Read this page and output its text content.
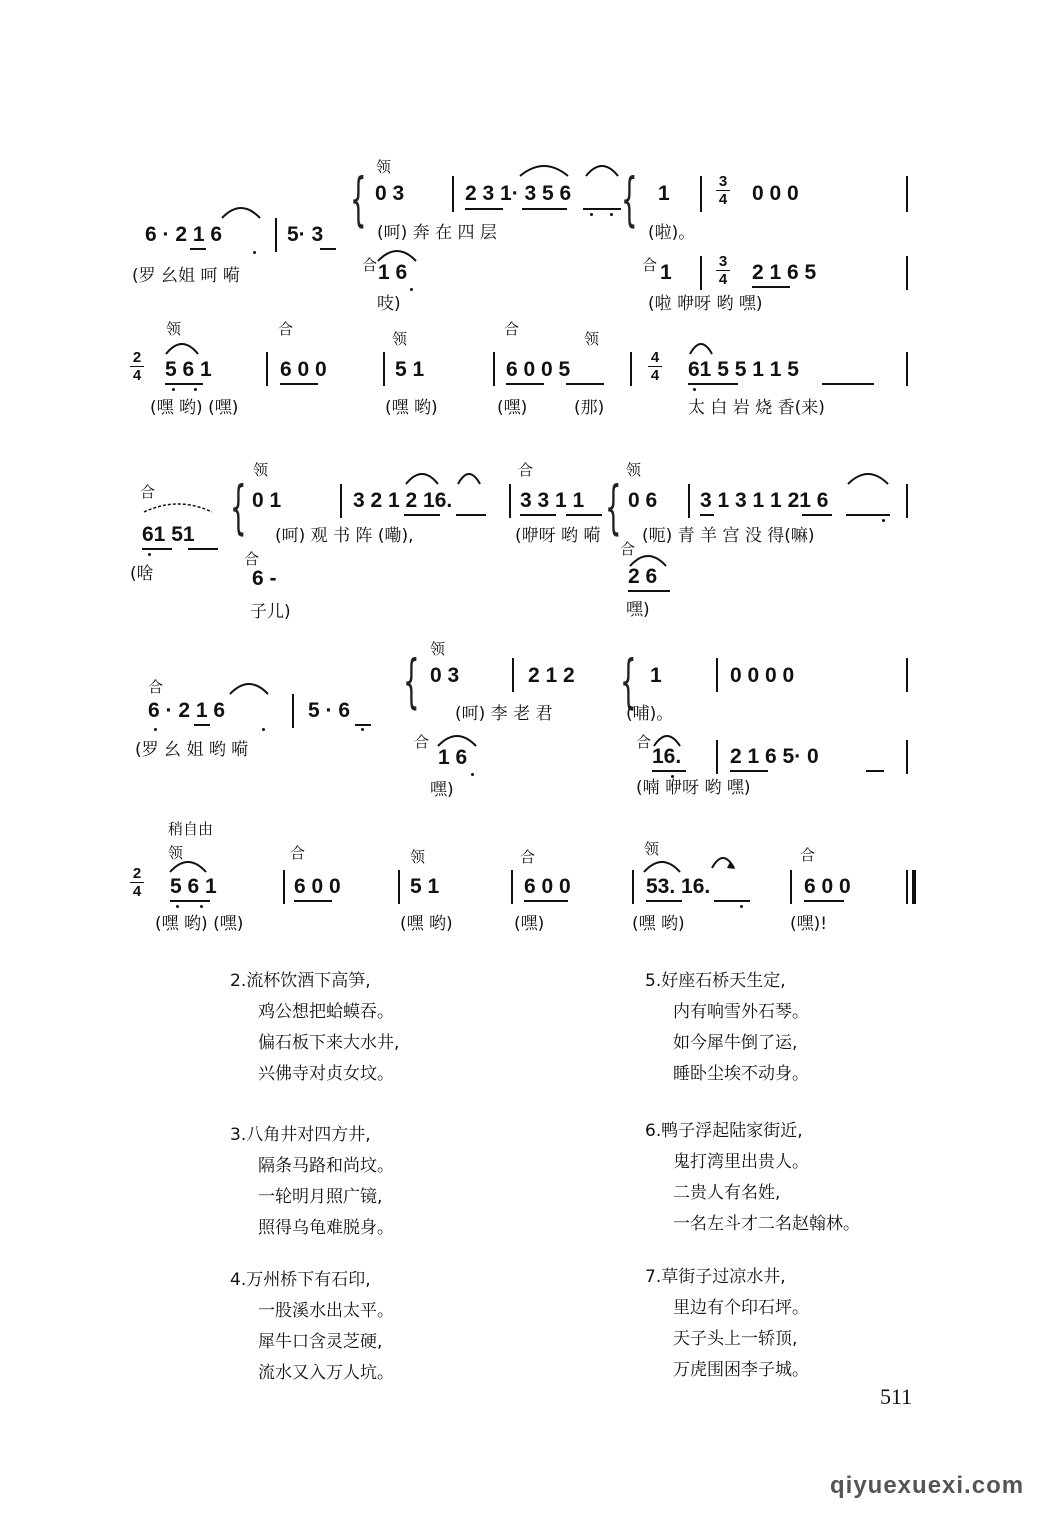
领
{ 0 3	2 3 1· 3 5 6 { 1
3
4 0 0 0
6 · 2 1 6	5· 3	(呵) 奔 在 四 层	(啦)。
(罗 幺姐 呵 嗬
合 1 6	合 1	3
4 2 1 6 5
吱)	(啦 咿呀 哟 嘿)
领	合
领
合
领
2
4 5 6 1	6 0 0	5 1	6 0 0 5
4
4 61 5 5 1 1 5
(嘿 哟) (嘿)	(嘿 哟)	(嘿)	(那)	太 白 岩 烧 香(来)
领	合	领
合 { 0 1	3 2 1 2 16.	3 3 1 1 { 0 6 3 1 3 1 1 21 6
61 51	(呵) 观 书 阵 (嘞),	(咿呀 哟 嗬 (呃) 青 羊 宫 没 得(嘛)
(啥
合
6 -
合
2 6
子儿)	嘿)
领
{ 0 3	2 1 2 { 1	0 0 0 0
合
6 · 2 1 6	5 · 6	(呵) 李 老 君	(哺)。
(罗 幺 姐 哟 嗬	合
1 6
合
16. 2 1 6 5· 0
嘿)	(喃 咿呀 哟 嘿)
稍自由
领	合	领	合	领	合
2
4 5 6 1	6 0 0	5 1	6 0 0	53. 16.	6 0 0
(嘿 哟) (嘿)	(嘿 哟)	(嘿)	(嘿 哟)	(嘿)!
2.流杯饮酒下高笋,
鸡公想把蛤蟆吞。
偏石板下来大水井,
兴佛寺对贞女坟。
3.八角井对四方井,
隔条马路和尚坟。
一轮明月照广镜,
照得乌龟难脱身。
4.万州桥下有石印,
一股溪水出太平。
犀牛口含灵芝硬,
流水又入万人坑。
5.好座石桥天生定,
内有响雪外石琴。
如今犀牛倒了运,
睡卧尘埃不动身。
6.鸭子浮起陆家街近,
鬼打湾里出贵人。
二贵人有名姓,
一名左斗才二名赵翰林。
7.草街子过凉水井,
里边有个印石坪。
天子头上一轿顶,
万虎围困李子城。
511
qiyuexuexi.com
